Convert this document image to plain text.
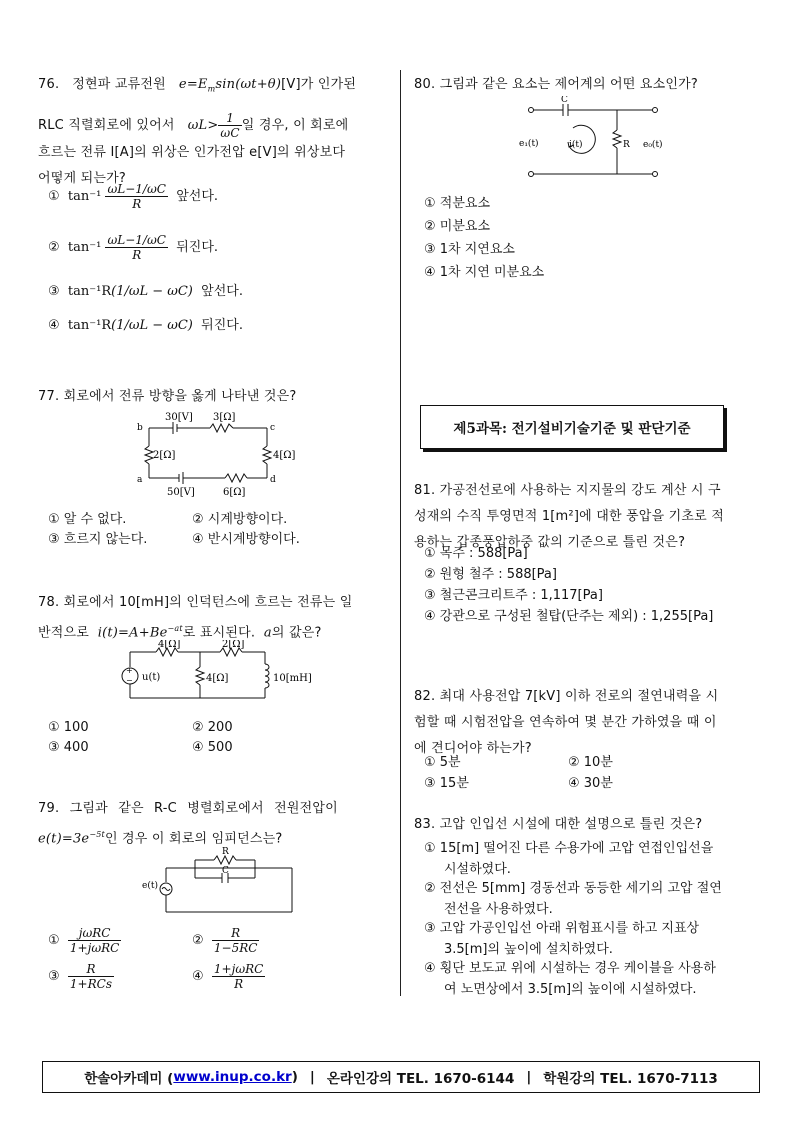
76. 정현파 교류전원 $e=E_m\sin(\omega t+\theta)[V]$가 인가된
RLC 직렬회로에 있어서 $\omega L> \frac{1}{\omega C}$ 일 경우, 이 회로에
흐르는 전류 I[A]의 위상은 인가전압 e[V]의 위상보다
어떻게 되는가?
① $\tan^{-1} \frac{\omega L-1/\omega C}{R}$ 앞선다.
② $\tan^{-1} \frac{\omega L-1/\omega C}{R}$ 뒤진다.
③ tan⁻¹R(1/ωL − ωC) 앞선다.
④ tan⁻¹R(1/ωL − ωC) 뒤진다.
77. 회로에서 전류 방향을 옳게 나타낸 것은?
30[V] 3[Ω]
b	c
2[Ω]	4[Ω]
a	d
50[V]	6[Ω]
① 알 수 없다.	② 시계방향이다.
③ 흐르지 않는다.	④ 반시계방향이다.
78. 회로에서 10[mH]의 인덕턴스에 흐르는 전류는 일
반적으로 $i(t)=A+Be^{-at}$로 표시된다. a의 값은?
+
− u(t)
4[Ω]	2[Ω]
4[Ω]	10[mH]
① 100	② 200
③ 400	④ 500
79. 그림과 같은 R-C 병렬회로에서 전원전압이
$e(t)=3e^{-5t}$인 경우 이 회로의 임피던스는?
R
C
e(t)
① $\frac{\text{jωRC}}{\text{1+jωRC}}$	② $\frac{R}{1-5RC}$
③ $\frac{R}{\text{1+RCs}}$	④ $\frac{\text{1+jωRC}}{R}$
80. 그림과 같은 요소는 제어계의 어떤 요소인가?
C
e₁(t)	i(t)	R e₀(t)
① 적분요소
② 미분요소
③ 1차 지연요소
④ 1차 지연 미분요소
제5과목: 전기설비기술기준 및 판단기준
81. 가공전선로에 사용하는 지지물의 강도 계산 시 구
성재의 수직 투영면적 1[m²]에 대한 풍압을 기초로 적
용하는 갑종풍압하중 값의 기준으로 틀린 것은?
① 목주 : 588[Pa]
② 원형 철주 : 588[Pa]
③ 철근콘크리트주 : 1,117[Pa]
④ 강관으로 구성된 철탑(단주는 제외) : 1,255[Pa]
82. 최대 사용전압 7[kV] 이하 전로의 절연내력을 시
험할 때 시험전압을 연속하여 몇 분간 가하였을 때 이
에 견디어야 하는가?
① 5분	② 10분
③ 15분	④ 30분
83. 고압 인입선 시설에 대한 설명으로 틀린 것은?
① 15[m] 떨어진 다른 수용가에 고압 연접인입선을
시설하였다.
② 전선은 5[mm] 경동선과 동등한 세기의 고압 절연
전선을 사용하였다.
③ 고압 가공인입선 아래 위험표시를 하고 지표상
3.5[m]의 높이에 설치하였다.
④ 횡단 보도교 위에 시설하는 경우 케이블을 사용하
여 노면상에서 3.5[m]의 높이에 시설하였다.
한솔아카데미 ( www.inup.co.kr ) | 온라인강의 TEL. 1670-6144 | 학원강의 TEL. 1670-7113
